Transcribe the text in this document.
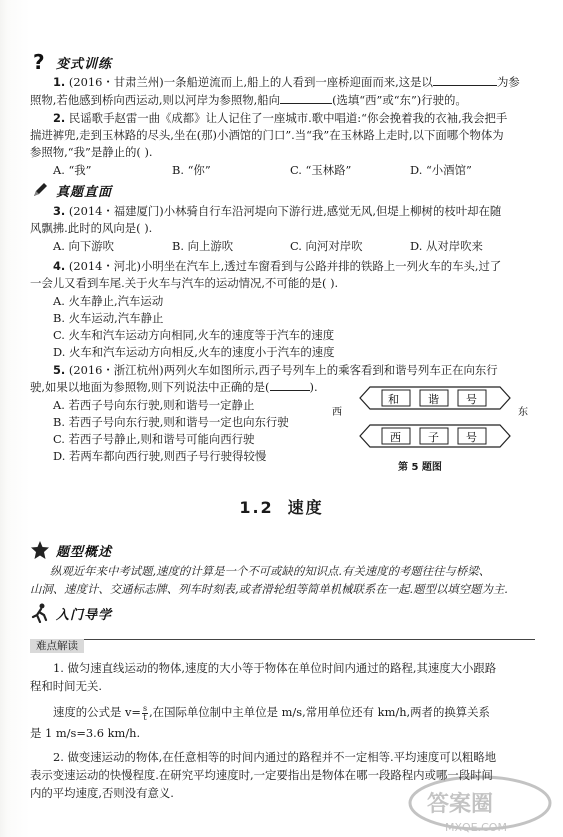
? 变式训练
1. (2016・甘肃兰州)一条船逆流而上,船上的人看到一座桥迎面而来,这是以	为参
照物,若他感到桥向西运动,则以河岸为参照物,船向	(选填“西”或“东”)行驶的。
2. 民谣歌手赵雷一曲《成都》让人记住了一座城市.歌中唱道:“你会挽着我的衣袖,我会把手
揣进裤兜,走到玉林路的尽头,坐在(那)小酒馆的门口”.当“我”在玉林路上走时,以下面哪个物体为
参照物,“我”是静止的( ).
A. “我”	B. “你”	C. “玉林路”	D. “小酒馆”
真题直面
3. (2014・福建厦门)小林骑自行车沿河堤向下游行进,感觉无风,但堤上柳树的枝叶却在随
风飘拂.此时的风向是( ).
A. 向下游吹	B. 向上游吹	C. 向河对岸吹	D. 从对岸吹来
4. (2014・河北)小明坐在汽车上,透过车窗看到与公路并排的铁路上一列火车的车头,过了
一会儿又看到车尾.关于火车与汽车的运动情况,不可能的是( ).
A. 火车静止,汽车运动
B. 火车运动,汽车静止
C. 火车和汽车运动方向相同,火车的速度等于汽车的速度
D. 火车和汽车运动方向相反,火车的速度小于汽车的速度
5. (2016・浙江杭州)两列火车如图所示,西子号列车上的乘客看到和谐号列车正在向东行
驶,如果以地面为参照物,则下列说法中正确的是(	).
A. 若西子号向东行驶,则和谐号一定静止
B. 若西子号向东行驶,则和谐号一定也向东行驶
C. 若西子号静止,则和谐号可能向西行驶
D. 若两车都向西行驶,则西子号行驶得较慢
和	谐 号
西	东
西 子 号
第 5 题图
1.2 速度
题型概述
纵观近年来中考试题,速度的计算是一个不可或缺的知识点.有关速度的考题往往与桥梁、
山洞、速度计、交通标志牌、列车时刻表,或者滑轮组等简单机械联系在一起.题型以填空题为主.
入门导学
难点解读
1. 做匀速直线运动的物体,速度的大小等于物体在单位时间内通过的路程,其速度大小跟路
程和时间无关.
速度的公式是 $v= \frac{s}{t}$ ,在国际单位制中主单位是 m/s,常用单位还有 km/h,两者的换算关系
是 1 m/s=3.6 km/h.
2. 做变速运动的物体,在任意相等的时间内通过的路程并不一定相等.平均速度可以粗略地
表示变速运动的快慢程度.在研究平均速度时,一定要指出是物体在哪一段路程内或哪一段时间
内的平均速度,否则没有意义.	答案圈
MXQE.COM
